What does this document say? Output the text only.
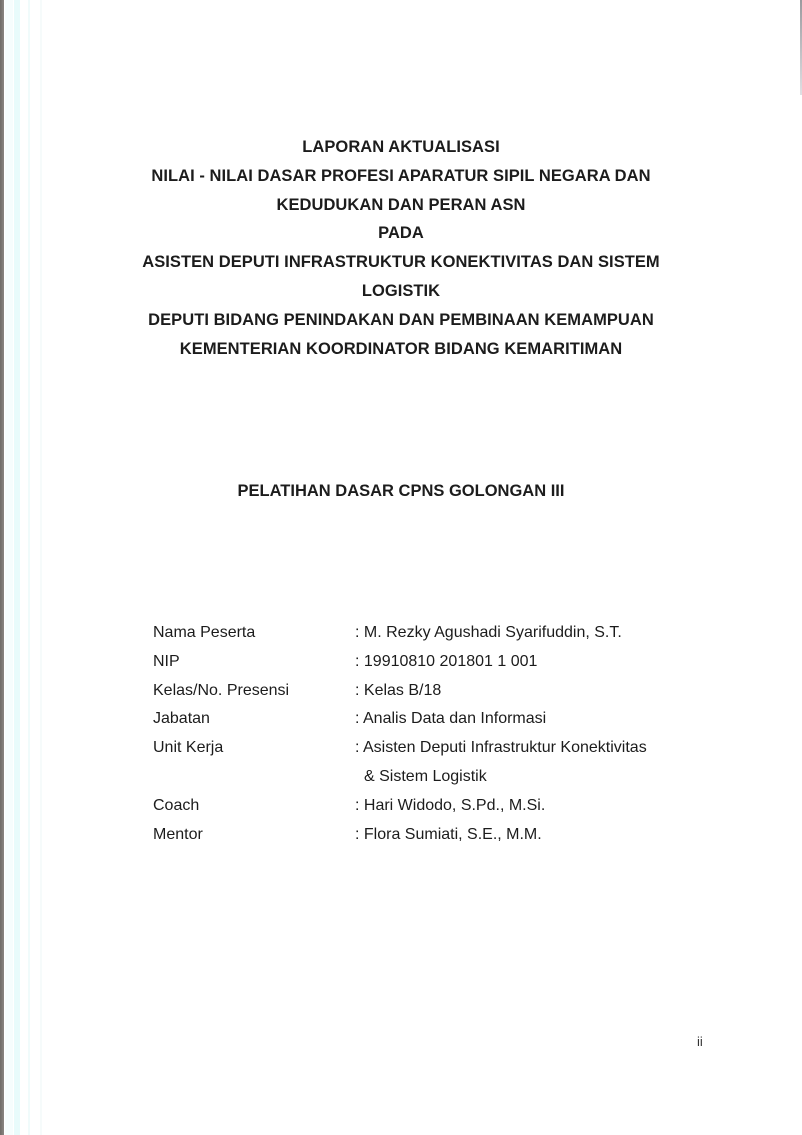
LAPORAN AKTUALISASI
NILAI - NILAI DASAR PROFESI APARATUR SIPIL NEGARA DAN
KEDUDUKAN DAN PERAN ASN
PADA
ASISTEN DEPUTI INFRASTRUKTUR KONEKTIVITAS DAN SISTEM
LOGISTIK
DEPUTI BIDANG PENINDAKAN DAN PEMBINAAN KEMAMPUAN
KEMENTERIAN KOORDINATOR BIDANG KEMARITIMAN
PELATIHAN DASAR CPNS GOLONGAN III
Nama Peserta	: M. Rezky Agushadi Syarifuddin, S.T.
NIP	: 19910810 201801 1 001
Kelas/No. Presensi	: Kelas B/18
Jabatan	: Analis Data dan Informasi
Unit Kerja	: Asisten Deputi Infrastruktur Konektivitas
& Sistem Logistik
Coach	: Hari Widodo, S.Pd., M.Si.
Mentor	: Flora Sumiati, S.E., M.M.
ii
